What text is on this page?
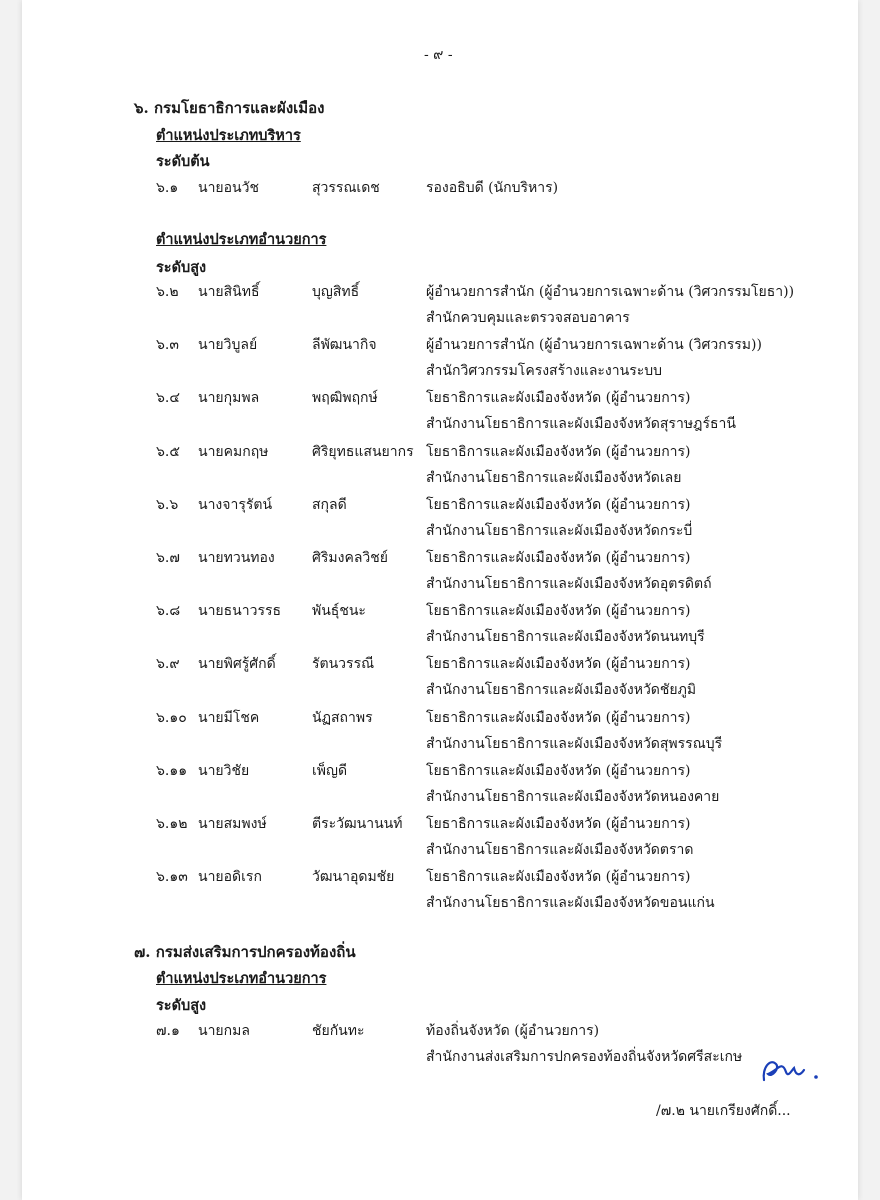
- ๙ -
๖. กรมโยธาธิการและผังเมือง
ตำแหน่งประเภทบริหาร
ระดับต้น
๖.๑ นายอนวัช	สุวรรณเดช	รองอธิบดี (นักบริหาร)
ตำแหน่งประเภทอำนวยการ
ระดับสูง
๖.๒ นายสินิทธิ์	บุญสิทธิ์	ผู้อำนวยการสำนัก (ผู้อำนวยการเฉพาะด้าน (วิศวกรรมโยธา))
สำนักควบคุมและตรวจสอบอาคาร
๖.๓ นายวิบูลย์	ลีพัฒนากิจ	ผู้อำนวยการสำนัก (ผู้อำนวยการเฉพาะด้าน (วิศวกรรม))
สำนักวิศวกรรมโครงสร้างและงานระบบ
๖.๔ นายกุมพล	พฤฒิพฤกษ์	โยธาธิการและผังเมืองจังหวัด (ผู้อำนวยการ)
สำนักงานโยธาธิการและผังเมืองจังหวัดสุราษฎร์ธานี
๖.๕ นายคมกฤษ	ศิริยุทธแสนยากร โยธาธิการและผังเมืองจังหวัด (ผู้อำนวยการ)
สำนักงานโยธาธิการและผังเมืองจังหวัดเลย
๖.๖ นางจารุรัตน์	สกุลดี	โยธาธิการและผังเมืองจังหวัด (ผู้อำนวยการ)
สำนักงานโยธาธิการและผังเมืองจังหวัดกระบี่
๖.๗ นายทวนทอง	ศิริมงคลวิชย์	โยธาธิการและผังเมืองจังหวัด (ผู้อำนวยการ)
สำนักงานโยธาธิการและผังเมืองจังหวัดอุตรดิตถ์
๖.๘ นายธนาวรรธ พันธุ์ชนะ	โยธาธิการและผังเมืองจังหวัด (ผู้อำนวยการ)
สำนักงานโยธาธิการและผังเมืองจังหวัดนนทบุรี
๖.๙ นายพิศรู้ศักดิ์	รัตนวรรณี	โยธาธิการและผังเมืองจังหวัด (ผู้อำนวยการ)
สำนักงานโยธาธิการและผังเมืองจังหวัดชัยภูมิ
๖.๑๐ นายมีโชค	นัฏสถาพร	โยธาธิการและผังเมืองจังหวัด (ผู้อำนวยการ)
สำนักงานโยธาธิการและผังเมืองจังหวัดสุพรรณบุรี
๖.๑๑ นายวิชัย	เพ็ญดี	โยธาธิการและผังเมืองจังหวัด (ผู้อำนวยการ)
สำนักงานโยธาธิการและผังเมืองจังหวัดหนองคาย
๖.๑๒ นายสมพงษ์	ตีระวัฒนานนท์ โยธาธิการและผังเมืองจังหวัด (ผู้อำนวยการ)
สำนักงานโยธาธิการและผังเมืองจังหวัดตราด
๖.๑๓ นายอดิเรก	วัฒนาอุดมชัย โยธาธิการและผังเมืองจังหวัด (ผู้อำนวยการ)
สำนักงานโยธาธิการและผังเมืองจังหวัดขอนแก่น
๗. กรมส่งเสริมการปกครองท้องถิ่น
ตำแหน่งประเภทอำนวยการ
ระดับสูง
๗.๑ นายกมล	ชัยกันทะ	ท้องถิ่นจังหวัด (ผู้อำนวยการ)
สำนักงานส่งเสริมการปกครองท้องถิ่นจังหวัดศรีสะเกษ
/๗.๒ นายเกรียงศักดิ์...
